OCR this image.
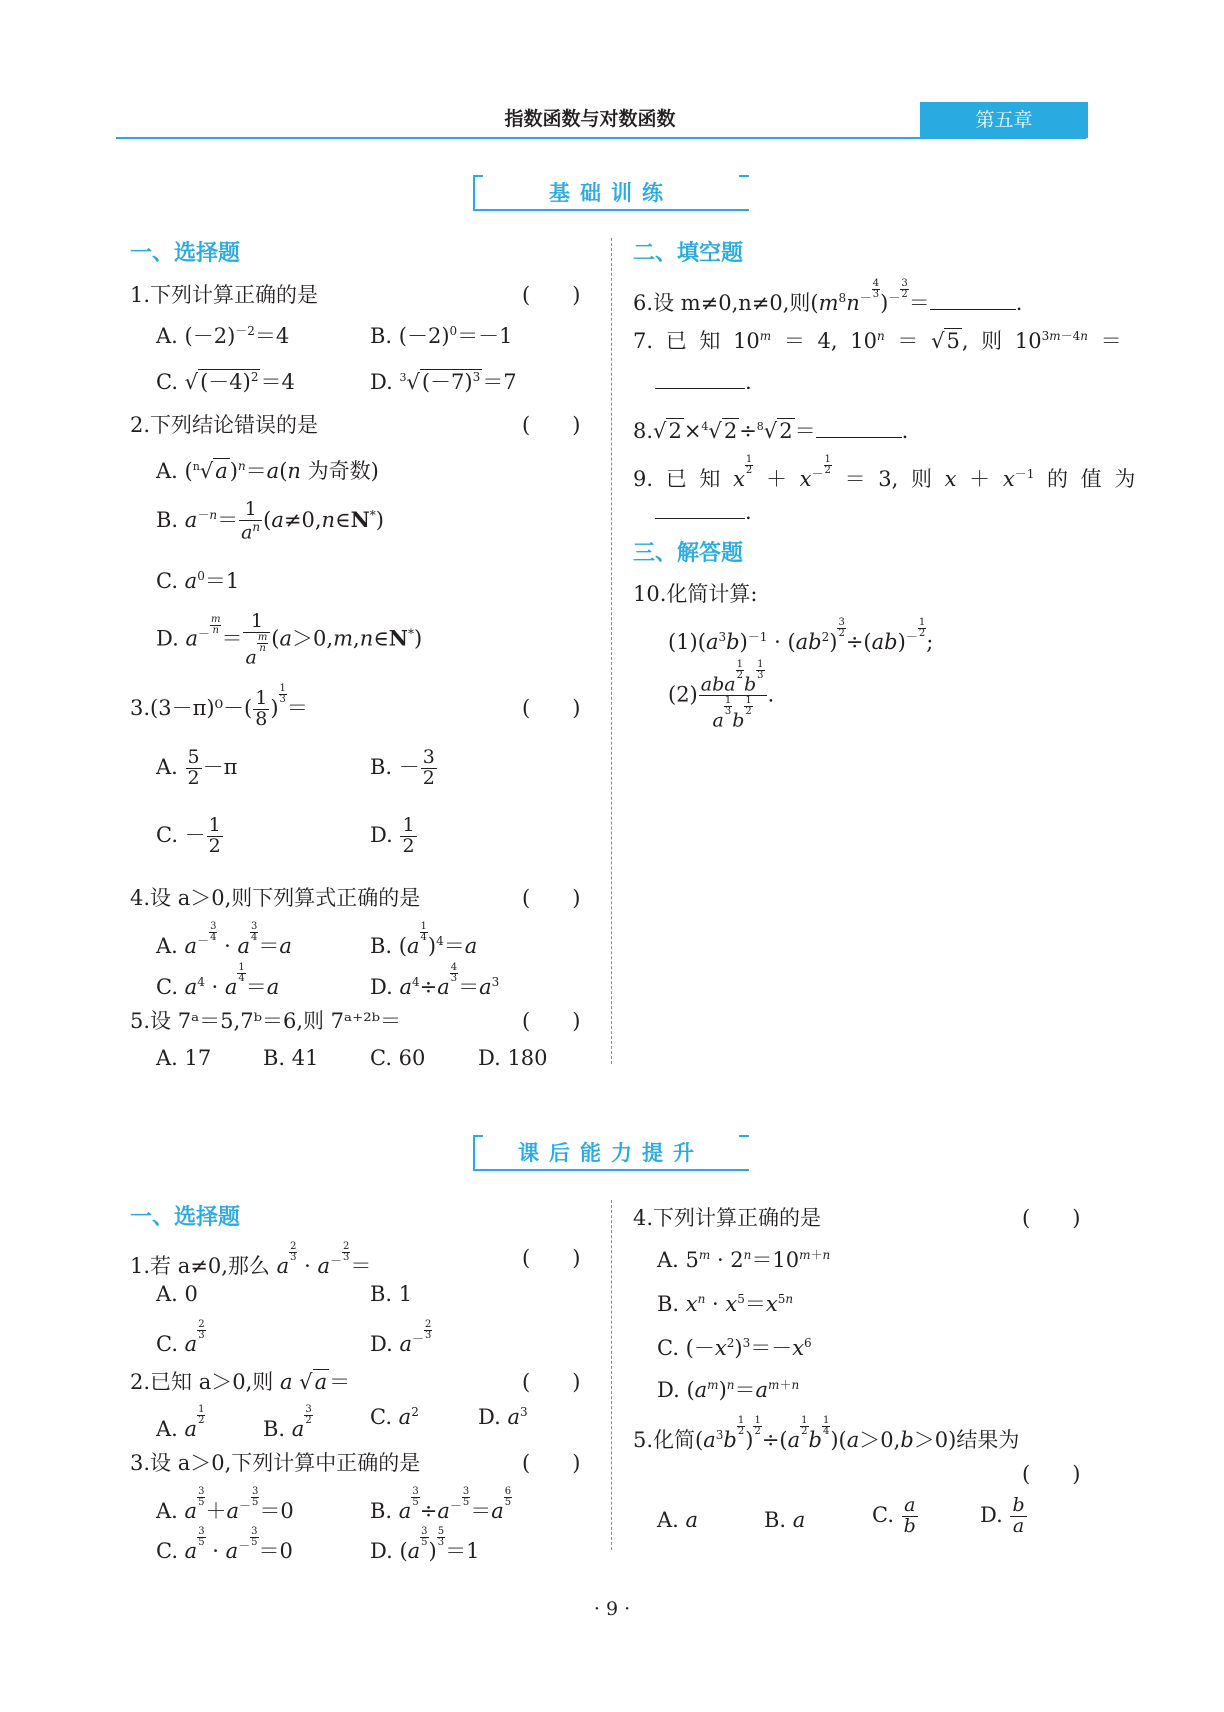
指数函数与对数函数	第五章
基础训练
一、选择题
1.下列计算正确的是	(　　)
A. $(-2)^{-2}=4$	B. $(-2)^0=-1$
C. $√(-4)^2=4$	D. $^3√(-7)^3=7$
2.下列结论错误的是	(　　)
A. $(^n√a)^n=a(n$ 为奇数)
B. $a^{-n}= \frac{1}{a^n}$ (a≠0,n∈N*)
C. $a^0=1$
D. $a^{- \frac{m}{n}}$
＝ 1
a
$^{\frac{m}{n}}$ (a＞0,m,n∈N*)
$3.(3-\pi)^0-( \frac{1}{8}$ )
$^{\frac{1}{3}}$
＝	(　　)
A. $\frac{5}{2} -\pi$	B. － $\frac{3}{2}$
C. － $\frac{1}{2}$	D. $\frac{1}{2}$
4.设 a＞0,则下列算式正确的是	(　　)
A. $a^{- \frac{3}{4}}$
· a
$^{\frac{3}{4}}$
＝a	B. (a
$^{\frac{1}{4}}$
)$^4$＝a
C. $a^4 \cdot a$
$^{\frac{1}{4}}$
＝a	D. $a^4\div a$
$^{\frac{4}{3}}$
$=a^3$
5.设 7ᵃ＝5,7ᵇ＝6,则 7ᵃ⁺²ᵇ＝	(　　)
A. 17 B. 41 C. 60	D. 180
二、填空题
6.设 m≠0,n≠0,则($m^8n^{- \frac{4}{3}}$
)$^{- \frac{3}{2}}$
＝	.
7. 已 知 $10^m = 4$, $10^n = √5$, 则 $10^{3m-4n}$ ＝
.
8.√2×$^4$√2÷$^8$√2＝	.
9. 已 知 x
$^{\frac{1}{2}}$
＋ $x^{- \frac{1}{2}}$
＝ 3, 则 $x + x^{-1}$ 的 值 为
.
三、解答题
10.化简计算:
$(1)(a^3b)^{-1} \cdot (ab^2)$
$^{\frac{3}{2}}$
÷(ab)$^{- \frac{1}{2}}$
;
(2) aba
$^{\frac{1}{2}}$
b
$^{\frac{1}{3}}$
a
$^{\frac{1}{3}}$
b
$^{\frac{1}{2}}$ .
课后能力提升
一、选择题
1.若 a≠0,那么 a
$^{\frac{2}{3}}$
· $a^{- \frac{2}{3}}$
＝	(　　)
A. 0	B. 1
C. a
$^{\frac{2}{3}}$
D. $a^{- \frac{2}{3}}$
2.已知 a＞0,则 a √a＝	(　　)
A. a
$^{\frac{1}{2}}$
B. a
$^{\frac{3}{2}}$	C. $a^2$	D. $a^3$
3.设 a＞0,下列计算中正确的是	(　　)
A. a
$^{\frac{3}{5}}$
$+a^{- \frac{3}{5}}$
＝0	B. a
$^{\frac{3}{5}}$
$\div a^{- \frac{3}{5}}$
＝a
$^{\frac{6}{5}}$
C. a
$^{\frac{3}{5}}$
· $a^{- \frac{3}{5}}$
＝0	D. (a
$^{\frac{3}{5}}$
)
$^{\frac{5}{3}}$
＝1
4.下列计算正确的是	(　　)
A. $5^m \cdot 2^n=10^{m+n}$
B. $x^n \cdot x^5=x^{5n}$
C. $(-x^2)^3=-x^6$
D. $(a^m)^n=a^{m+n}$
5.化简($a^3b$
$^{\frac{1}{2}}$
)
$^{\frac{1}{2}}$
÷(a
$^{\frac{1}{2}}$
b
$^{\frac{1}{4}}$
)(a＞0,b＞0)结果为
(　　)
A. a	B. a	C. $\frac{a}{b}$	D. $\frac{b}{a}$
· 9 ·
